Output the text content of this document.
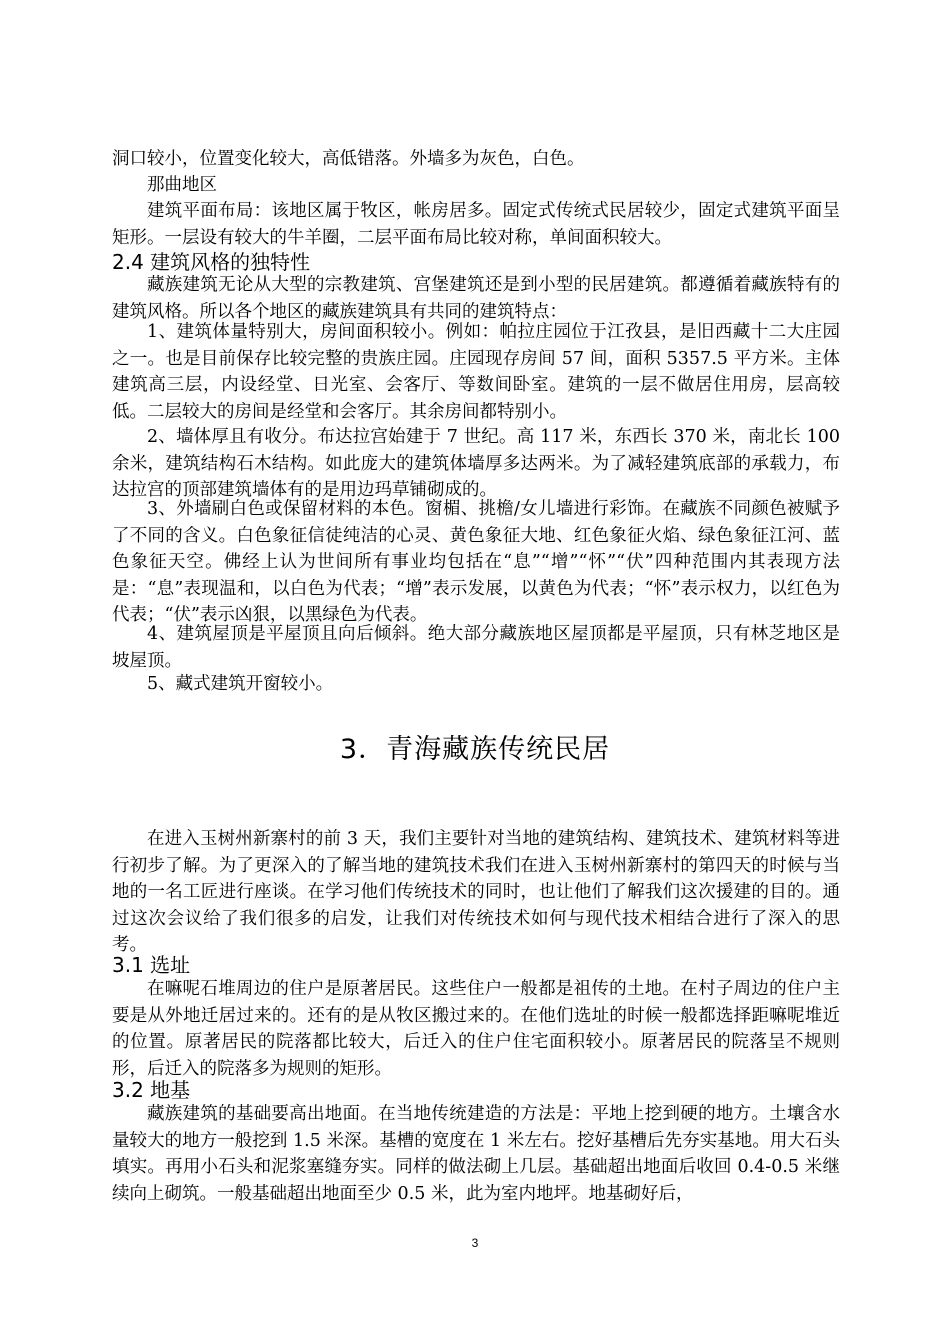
洞口较小，位置变化较大，高低错落。外墙多为灰色，白色。

那曲地区

建筑平面布局：该地区属于牧区，帐房居多。固定式传统式民居较少，固定式建筑平面呈矩形。一层设有较大的牛羊圈，二层平面布局比较对称，单间面积较大。

2.4 建筑风格的独特性

藏族建筑无论从大型的宗教建筑、宫堡建筑还是到小型的民居建筑。都遵循着藏族特有的建筑风格。所以各个地区的藏族建筑具有共同的建筑特点：

1、建筑体量特别大，房间面积较小。例如：帕拉庄园位于江孜县，是旧西藏十二大庄园之一。也是目前保存比较完整的贵族庄园。庄园现存房间 57 间，面积 5357.5 平方米。主体建筑高三层，内设经堂、日光室、会客厅、等数间卧室。建筑的一层不做居住用房，层高较低。二层较大的房间是经堂和会客厅。其余房间都特别小。

2、墙体厚且有收分。布达拉宫始建于 7 世纪。高 117 米，东西长 370 米，南北长 100 余米，建筑结构石木结构。如此庞大的建筑体墙厚多达两米。为了减轻建筑底部的承载力，布达拉宫的顶部建筑墙体有的是用边玛草铺砌成的。

3、外墙刷白色或保留材料的本色。窗楣、挑檐/女儿墙进行彩饰。在藏族不同颜色被赋予了不同的含义。白色象征信徒纯洁的心灵、黄色象征大地、红色象征火焰、绿色象征江河、蓝色象征天空。佛经上认为世间所有事业均包括在“息”“增”“怀”“伏”四种范围内其表现方法是：“息”表现温和，以白色为代表；“增”表示发展，以黄色为代表；“怀”表示权力，以红色为代表；“伏”表示凶狠，以黑绿色为代表。

4、建筑屋顶是平屋顶且向后倾斜。绝大部分藏族地区屋顶都是平屋顶，只有林芝地区是坡屋顶。

5、藏式建筑开窗较小。

3．青海藏族传统民居

在进入玉树州新寨村的前 3 天，我们主要针对当地的建筑结构、建筑技术、建筑材料等进行初步了解。为了更深入的了解当地的建筑技术我们在进入玉树州新寨村的第四天的时候与当地的一名工匠进行座谈。在学习他们传统技术的同时，也让他们了解我们这次援建的目的。通过这次会议给了我们很多的启发，让我们对传统技术如何与现代技术相结合进行了深入的思考。

3.1 选址

在嘛呢石堆周边的住户是原著居民。这些住户一般都是祖传的土地。在村子周边的住户主要是从外地迁居过来的。还有的是从牧区搬过来的。在他们选址的时候一般都选择距嘛呢堆近的位置。原著居民的院落都比较大，后迁入的住户住宅面积较小。原著居民的院落呈不规则形，后迁入的院落多为规则的矩形。

3.2 地基

藏族建筑的基础要高出地面。在当地传统建造的方法是：平地上挖到硬的地方。土壤含水量较大的地方一般挖到 1.5 米深。基槽的宽度在 1 米左右。挖好基槽后先夯实基地。用大石头填实。再用小石头和泥浆塞缝夯实。同样的做法砌上几层。基础超出地面后收回 0.4-0.5 米继续向上砌筑。一般基础超出地面至少 0.5 米，此为室内地坪。地基砌好后，

3
